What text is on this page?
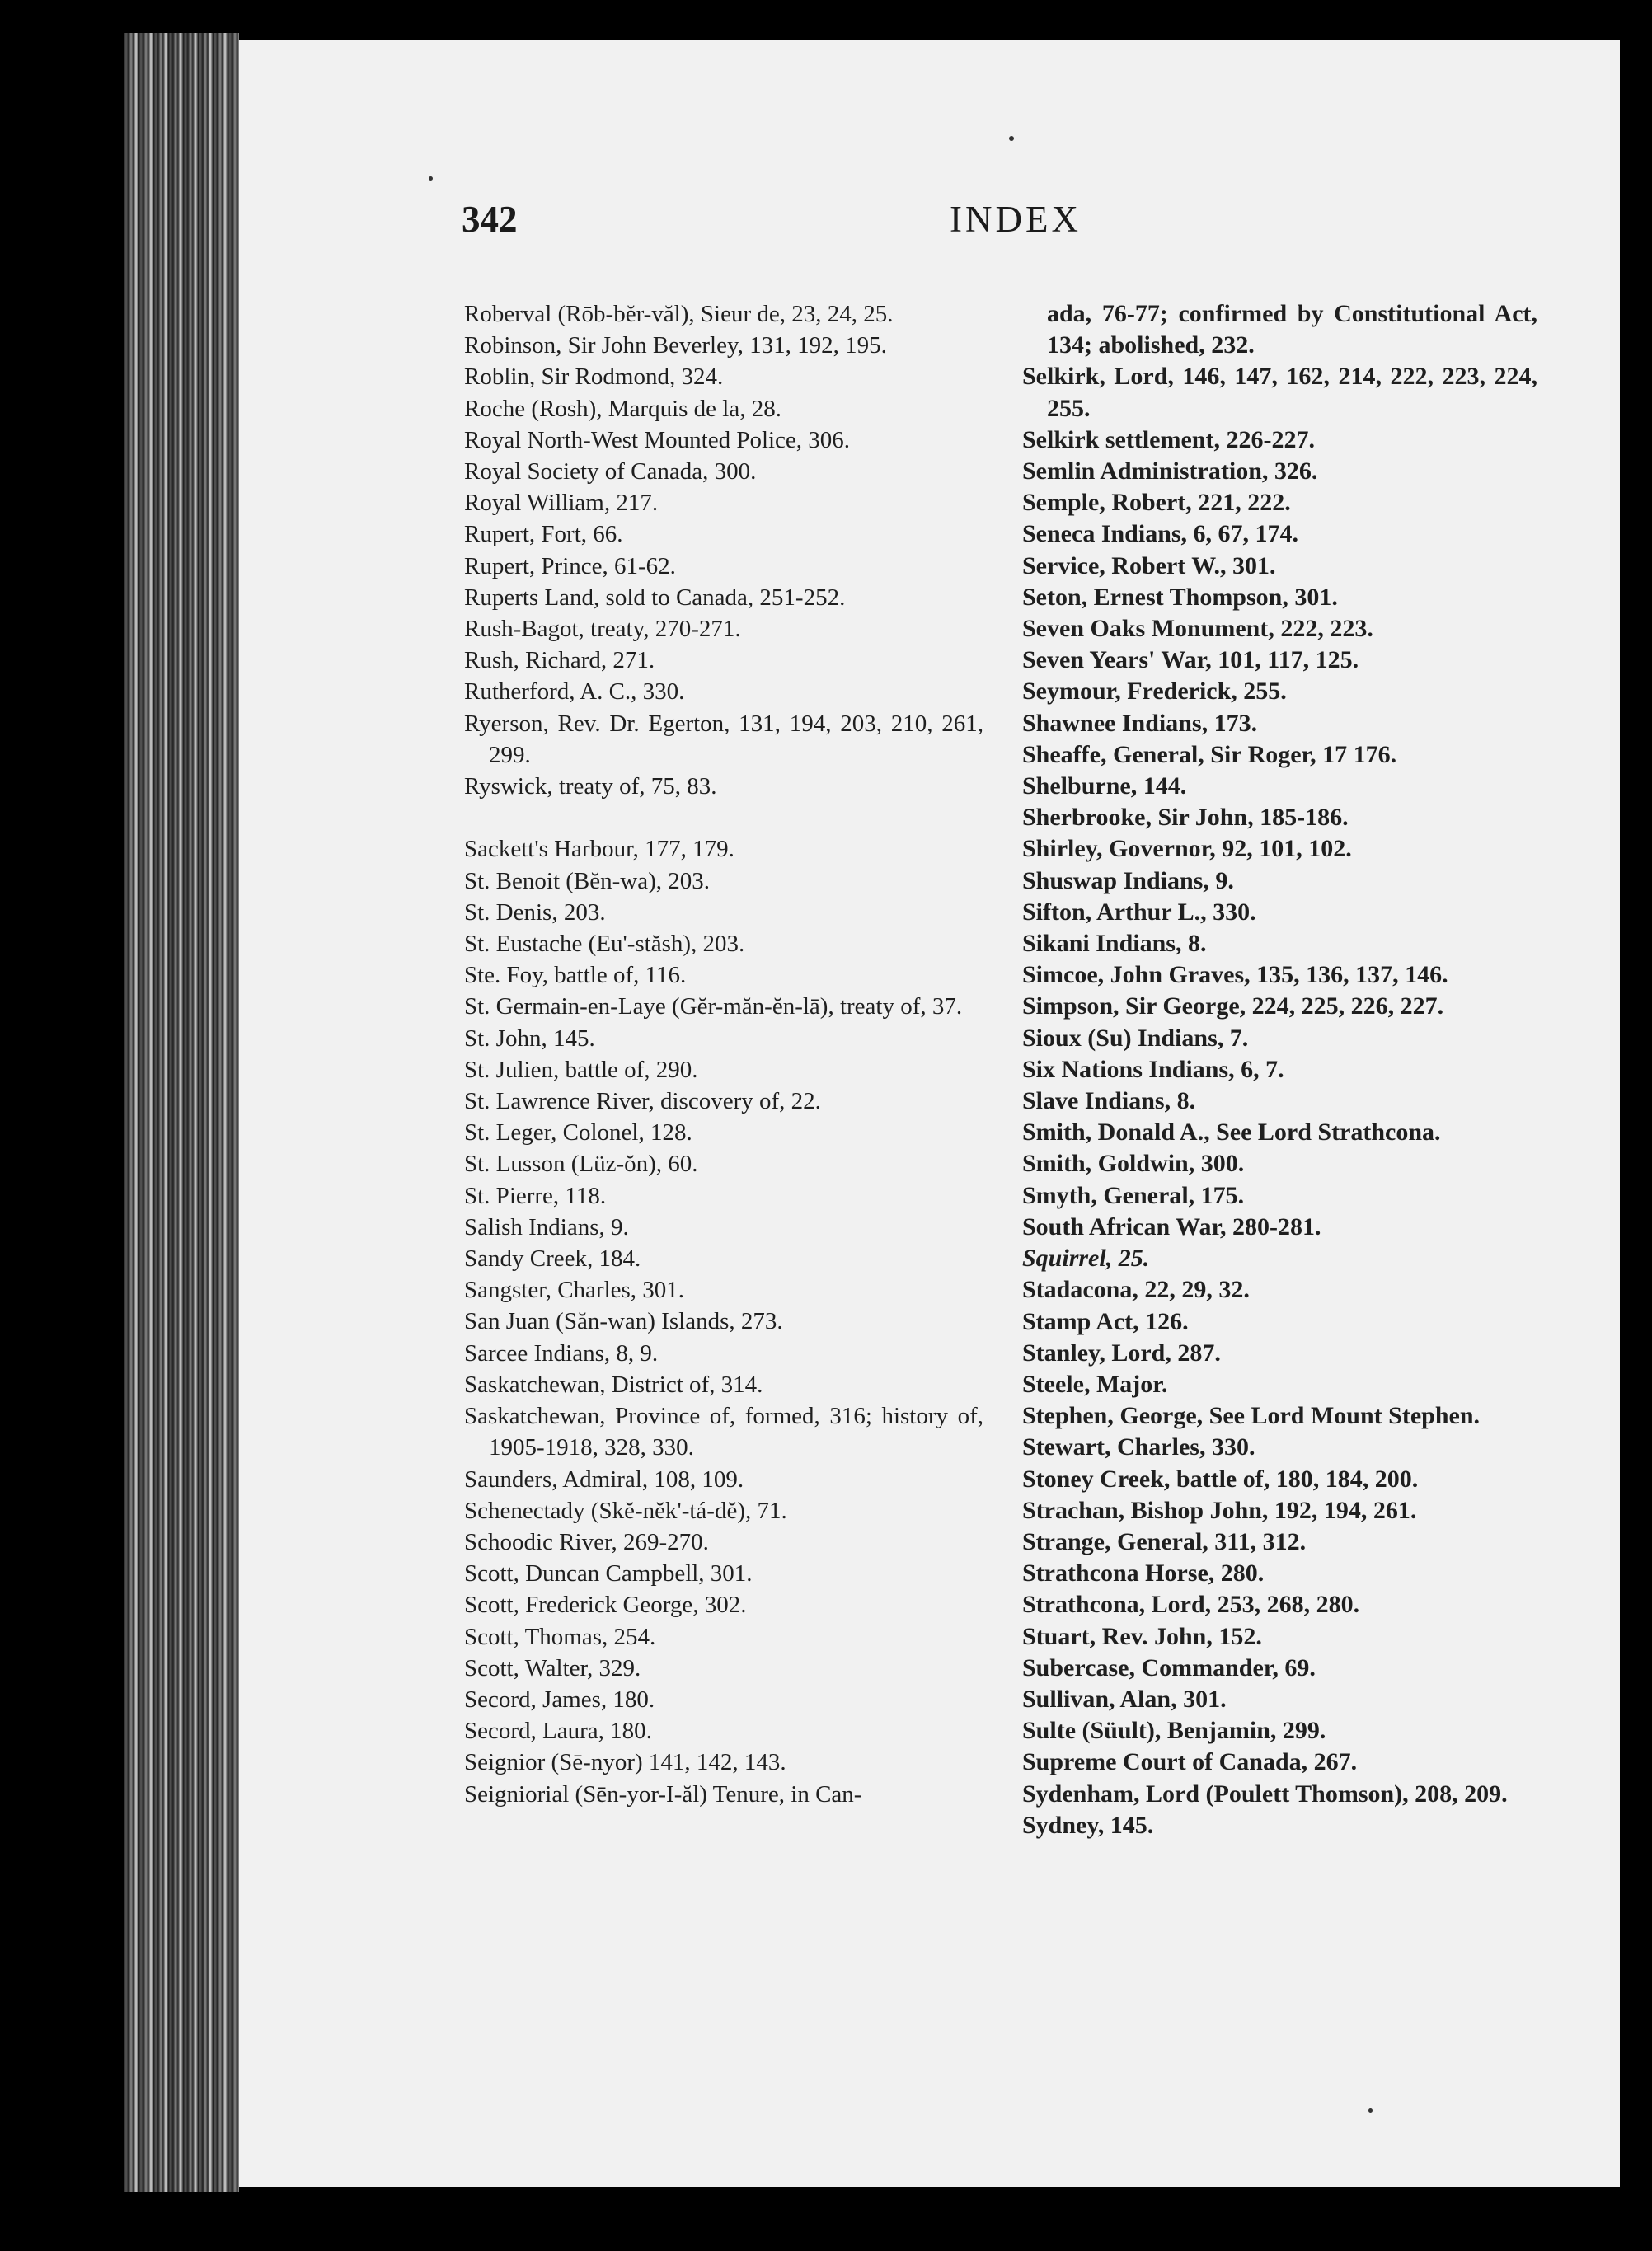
342	INDEX
Roberval (Rōb-bĕr-văl), Sieur de, 23, 24, 25.
Robinson, Sir John Beverley, 131, 192, 195.
Roblin, Sir Rodmond, 324.
Roche (Rosh), Marquis de la, 28.
Royal North-West Mounted Police, 306.
Royal Society of Canada, 300.
Royal William, 217.
Rupert, Fort, 66.
Rupert, Prince, 61-62.
Ruperts Land, sold to Canada, 251-252.
Rush-Bagot, treaty, 270-271.
Rush, Richard, 271.
Rutherford, A. C., 330.
Ryerson, Rev. Dr. Egerton, 131, 194, 203, 210, 261, 299.
Ryswick, treaty of, 75, 83.
Sackett's Harbour, 177, 179.
St. Benoit (Bĕn-wa), 203.
St. Denis, 203.
St. Eustache (Eu'-stăsh), 203.
Ste. Foy, battle of, 116.
St. Germain-en-Laye (Gĕr-măn-ĕn-lā), treaty of, 37.
St. John, 145.
St. Julien, battle of, 290.
St. Lawrence River, discovery of, 22.
St. Leger, Colonel, 128.
St. Lusson (Lüz-ŏn), 60.
St. Pierre, 118.
Salish Indians, 9.
Sandy Creek, 184.
Sangster, Charles, 301.
San Juan (Săn-wan) Islands, 273.
Sarcee Indians, 8, 9.
Saskatchewan, District of, 314.
Saskatchewan, Province of, formed, 316; history of, 1905-1918, 328, 330.
Saunders, Admiral, 108, 109.
Schenectady (Skĕ-nĕk'-tá-dĕ), 71.
Schoodic River, 269-270.
Scott, Duncan Campbell, 301.
Scott, Frederick George, 302.
Scott, Thomas, 254.
Scott, Walter, 329.
Secord, James, 180.
Secord, Laura, 180.
Seignior (Sē-nyor) 141, 142, 143.
Seigniorial (Sēn-yor-I-ăl) Tenure, in Can-
ada, 76-77; confirmed by Constitutional Act, 134; abolished, 232.
Selkirk, Lord, 146, 147, 162, 214, 222, 223, 224, 255.
Selkirk settlement, 226-227.
Semlin Administration, 326.
Semple, Robert, 221, 222.
Seneca Indians, 6, 67, 174.
Service, Robert W., 301.
Seton, Ernest Thompson, 301.
Seven Oaks Monument, 222, 223.
Seven Years' War, 101, 117, 125.
Seymour, Frederick, 255.
Shawnee Indians, 173.
Sheaffe, General, Sir Roger, 17 176.
Shelburne, 144.
Sherbrooke, Sir John, 185-186.
Shirley, Governor, 92, 101, 102.
Shuswap Indians, 9.
Sifton, Arthur L., 330.
Sikani Indians, 8.
Simcoe, John Graves, 135, 136, 137, 146.
Simpson, Sir George, 224, 225, 226, 227.
Sioux (Su) Indians, 7.
Six Nations Indians, 6, 7.
Slave Indians, 8.
Smith, Donald A., See Lord Strathcona.
Smith, Goldwin, 300.
Smyth, General, 175.
South African War, 280-281.
Squirrel, 25.
Stadacona, 22, 29, 32.
Stamp Act, 126.
Stanley, Lord, 287.
Steele, Major.
Stephen, George, See Lord Mount Stephen.
Stewart, Charles, 330.
Stoney Creek, battle of, 180, 184, 200.
Strachan, Bishop John, 192, 194, 261.
Strange, General, 311, 312.
Strathcona Horse, 280.
Strathcona, Lord, 253, 268, 280.
Stuart, Rev. John, 152.
Subercase, Commander, 69.
Sullivan, Alan, 301.
Sulte (Süult), Benjamin, 299.
Supreme Court of Canada, 267.
Sydenham, Lord (Poulett Thomson), 208, 209.
Sydney, 145.
